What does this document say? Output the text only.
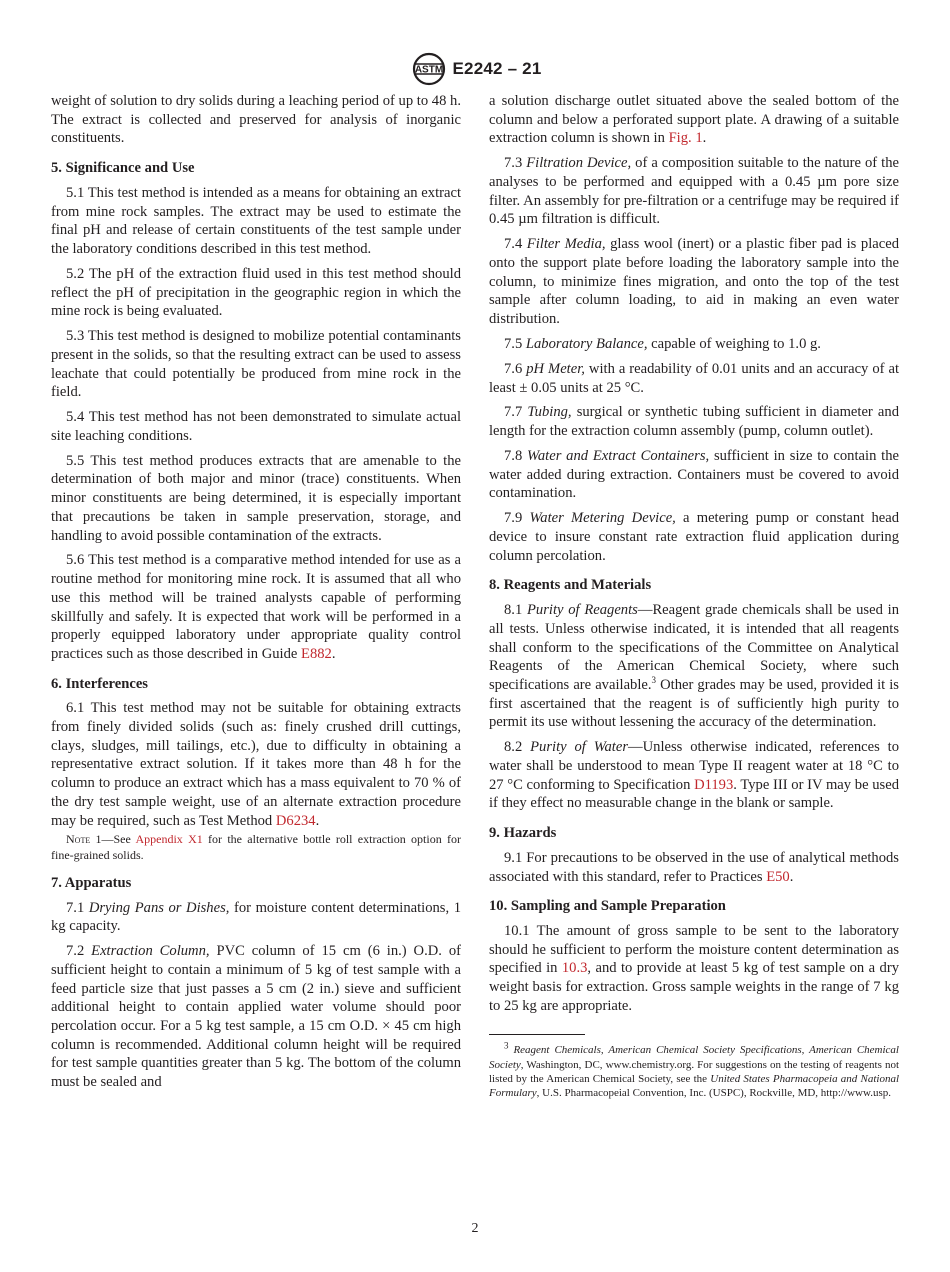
ASTM E2242 – 21

weight of solution to dry solids during a leaching period of up to 48 h. The extract is collected and preserved for analysis of inorganic constituents.

5. Significance and Use

5.1 This test method is intended as a means for obtaining an extract from mine rock samples. The extract may be used to estimate the final pH and release of certain constituents of the test sample under the laboratory conditions described in this test method.

5.2 The pH of the extraction fluid used in this test method should reflect the pH of precipitation in the geographic region in which the mine rock is being evaluated.

5.3 This test method is designed to mobilize potential contaminants present in the solids, so that the resulting extract can be used to assess leachate that could potentially be produced from mine rock in the field.

5.4 This test method has not been demonstrated to simulate actual site leaching conditions.

5.5 This test method produces extracts that are amenable to the determination of both major and minor (trace) constituents. When minor constituents are being determined, it is especially important that precautions be taken in sample preservation, storage, and handling to avoid possible contamination of the extracts.

5.6 This test method is a comparative method intended for use as a routine method for monitoring mine rock. It is assumed that all who use this method will be trained analysts capable of performing skillfully and safely. It is expected that work will be performed in a properly equipped laboratory under appropriate quality control practices such as those described in Guide E882.

6. Interferences

6.1 This test method may not be suitable for obtaining extracts from finely divided solids (such as: finely crushed drill cuttings, clays, sludges, mill tailings, etc.), due to difficulty in obtaining a representative extract solution. If it takes more than 48 h for the column to produce an extract which has a mass equivalent to 70 % of the dry test sample weight, use of an alternate extraction procedure may be required, such as Test Method D6234.

Note 1—See Appendix X1 for the alternative bottle roll extraction option for fine-grained solids.
7. Apparatus

7.1 Drying Pans or Dishes, for moisture content determinations, 1 kg capacity.

7.2 Extraction Column, PVC column of 15 cm (6 in.) O.D. of sufficient height to contain a minimum of 5 kg of test sample with a feed particle size that just passes a 5 cm (2 in.) sieve and sufficient additional height to contain applied water volume should poor percolation occur. For a 5 kg test sample, a 15 cm O.D. × 45 cm high column is recommended. Additional column height will be required for test sample quantities greater than 5 kg. The bottom of the column must be sealed and

a solution discharge outlet situated above the sealed bottom of the column and below a perforated support plate. A drawing of a suitable extraction column is shown in Fig. 1.

7.3 Filtration Device, of a composition suitable to the nature of the analyses to be performed and equipped with a 0.45 µm pore size filter. An assembly for pre-filtration or a centrifuge may be required if 0.45 µm filtration is difficult.

7.4 Filter Media, glass wool (inert) or a plastic fiber pad is placed onto the support plate before loading the laboratory sample into the column, to minimize fines migration, and onto the top of the test sample after column loading, to aid in making an even water distribution.

7.5 Laboratory Balance, capable of weighing to 1.0 g.

7.6 pH Meter, with a readability of 0.01 units and an accuracy of at least ± 0.05 units at 25 °C.

7.7 Tubing, surgical or synthetic tubing sufficient in diameter and length for the extraction column assembly (pump, column outlet).

7.8 Water and Extract Containers, sufficient in size to contain the water added during extraction. Containers must be covered to avoid contamination.

7.9 Water Metering Device, a metering pump or constant head device to insure constant rate extraction fluid application during column percolation.

8. Reagents and Materials

8.1 Purity of Reagents—Reagent grade chemicals shall be used in all tests. Unless otherwise indicated, it is intended that all reagents shall conform to the specifications of the Committee on Analytical Reagents of the American Chemical Society, where such specifications are available.$^3$ Other grades may be used, provided it is first ascertained that the reagent is of sufficiently high purity to permit its use without lessening the accuracy of the determination.

8.2 Purity of Water—Unless otherwise indicated, references to water shall be understood to mean Type II reagent water at 18 °C to 27 °C conforming to Specification D1193. Type III or IV may be used if they effect no measurable change in the blank or sample.

9. Hazards

9.1 For precautions to be observed in the use of analytical methods associated with this standard, refer to Practices E50.

10. Sampling and Sample Preparation

10.1 The amount of gross sample to be sent to the laboratory should he sufficient to perform the moisture content determination as specified in 10.3, and to provide at least 5 kg of test sample on a dry weight basis for extraction. Gross sample weights in the range of 7 kg to 25 kg are appropriate.

$^3$ Reagent Chemicals, American Chemical Society Specifications, American Chemical Society, Washington, DC, www.chemistry.org. For suggestions on the testing of reagents not listed by the American Chemical Society, see the United States Pharmacopeia and National Formulary, U.S. Pharmacopeial Convention, Inc. (USPC), Rockville, MD, http://www.usp.

2
